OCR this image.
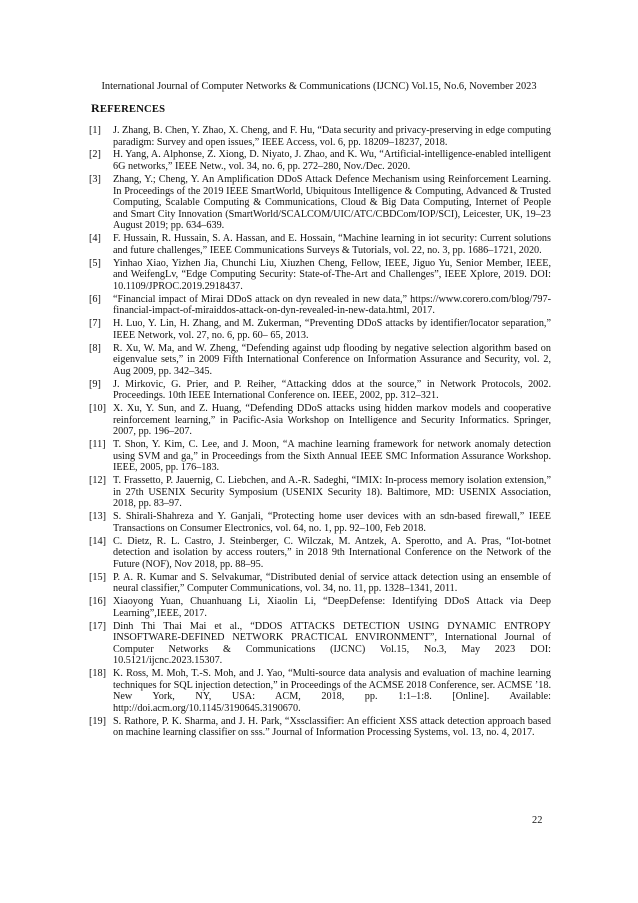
International Journal of Computer Networks & Communications (IJCNC) Vol.15, No.6, November 2023
REFERENCES
[1]	J. Zhang, B. Chen, Y. Zhao, X. Cheng, and F. Hu, “Data security and privacy-preserving in edge computing paradigm: Survey and open issues,” IEEE Access, vol. 6, pp. 18209–18237, 2018.
[2]	H. Yang, A. Alphonse, Z. Xiong, D. Niyato, J. Zhao, and K. Wu, “Artificial-intelligence-enabled intelligent 6G networks,” IEEE Netw., vol. 34, no. 6, pp. 272–280, Nov./Dec. 2020.
[3]	Zhang, Y.; Cheng, Y. An Amplification DDoS Attack Defence Mechanism using Reinforcement Learning. In Proceedings of the 2019 IEEE SmartWorld, Ubiquitous Intelligence & Computing, Advanced & Trusted Computing, Scalable Computing & Communications, Cloud & Big Data Computing, Internet of People and Smart City Innovation (SmartWorld/SCALCOM/UIC/ATC/CBDCom/IOP/SCI), Leicester, UK, 19–23 August 2019; pp. 634–639.
[4]	F. Hussain, R. Hussain, S. A. Hassan, and E. Hossain, “Machine learning in iot security: Current solutions and future challenges,” IEEE Communications Surveys & Tutorials, vol. 22, no. 3, pp. 1686–1721, 2020.
[5]	Yinhao Xiao, Yizhen Jia, Chunchi Liu, Xiuzhen Cheng, Fellow, IEEE, Jiguo Yu, Senior Member, IEEE, and WeifengLv, “Edge Computing Security: State-of-The-Art and Challenges”, IEEE Xplore, 2019. DOI: 10.1109/JPROC.2019.2918437.
[6]	“Financial impact of Mirai DDoS attack on dyn revealed in new data,” https://www.corero.com/blog/797-financial-impact-of-miraiddos-attack-on-dyn-revealed-in-new-data.html, 2017.
[7]	H. Luo, Y. Lin, H. Zhang, and M. Zukerman, “Preventing DDoS attacks by identifier/locator separation,” IEEE Network, vol. 27, no. 6, pp. 60– 65, 2013.
[8]	R. Xu, W. Ma, and W. Zheng, “Defending against udp flooding by negative selection algorithm based on eigenvalue sets,” in 2009 Fifth International Conference on Information Assurance and Security, vol. 2, Aug 2009, pp. 342–345.
[9]	J. Mirkovic, G. Prier, and P. Reiher, “Attacking ddos at the source,” in Network Protocols, 2002. Proceedings. 10th IEEE International Conference on. IEEE, 2002, pp. 312–321.
[10] X. Xu, Y. Sun, and Z. Huang, “Defending DDoS attacks using hidden markov models and cooperative reinforcement learning,” in Pacific-Asia Workshop on Intelligence and Security Informatics. Springer, 2007, pp. 196–207.
[11] T. Shon, Y. Kim, C. Lee, and J. Moon, “A machine learning framework for network anomaly detection using SVM and ga,” in Proceedings from the Sixth Annual IEEE SMC Information Assurance Workshop. IEEE, 2005, pp. 176–183.
[12] T. Frassetto, P. Jauernig, C. Liebchen, and A.-R. Sadeghi, “IMIX: In-process memory isolation extension,” in 27th USENIX Security Symposium (USENIX Security 18). Baltimore, MD: USENIX Association, 2018, pp. 83–97.
[13] S. Shirali-Shahreza and Y. Ganjali, “Protecting home user devices with an sdn-based firewall,” IEEE Transactions on Consumer Electronics, vol. 64, no. 1, pp. 92–100, Feb 2018.
[14] C. Dietz, R. L. Castro, J. Steinberger, C. Wilczak, M. Antzek, A. Sperotto, and A. Pras, “Iot-botnet detection and isolation by access routers,” in 2018 9th International Conference on the Network of the Future (NOF), Nov 2018, pp. 88–95.
[15] P. A. R. Kumar and S. Selvakumar, “Distributed denial of service attack detection using an ensemble of neural classifier,” Computer Communications, vol. 34, no. 11, pp. 1328–1341, 2011.
[16] Xiaoyong Yuan, Chuanhuang Li, Xiaolin Li, “DeepDefense: Identifying DDoS Attack via Deep Learning”,IEEE, 2017.
[17] Dinh Thi Thai Mai et al., “DDOS ATTACKS DETECTION USING DYNAMIC ENTROPY INSOFTWARE-DEFINED NETWORK PRACTICAL ENVIRONMENT”, International Journal of Computer Networks & Communications (IJCNC) Vol.15, No.3, May 2023 DOI: 10.5121/ijcnc.2023.15307.
[18] K. Ross, M. Moh, T.-S. Moh, and J. Yao, “Multi-source data analysis and evaluation of machine learning techniques for SQL injection detection,” in Proceedings of the ACMSE 2018 Conference, ser. ACMSE ’18. New York, NY, USA: ACM, 2018, pp. 1:1–1:8. [Online]. Available: http://doi.acm.org/10.1145/3190645.3190670.
[19] S. Rathore, P. K. Sharma, and J. H. Park, “Xssclassifier: An efficient XSS attack detection approach based on machine learning classifier on sss.” Journal of Information Processing Systems, vol. 13, no. 4, 2017.
22
